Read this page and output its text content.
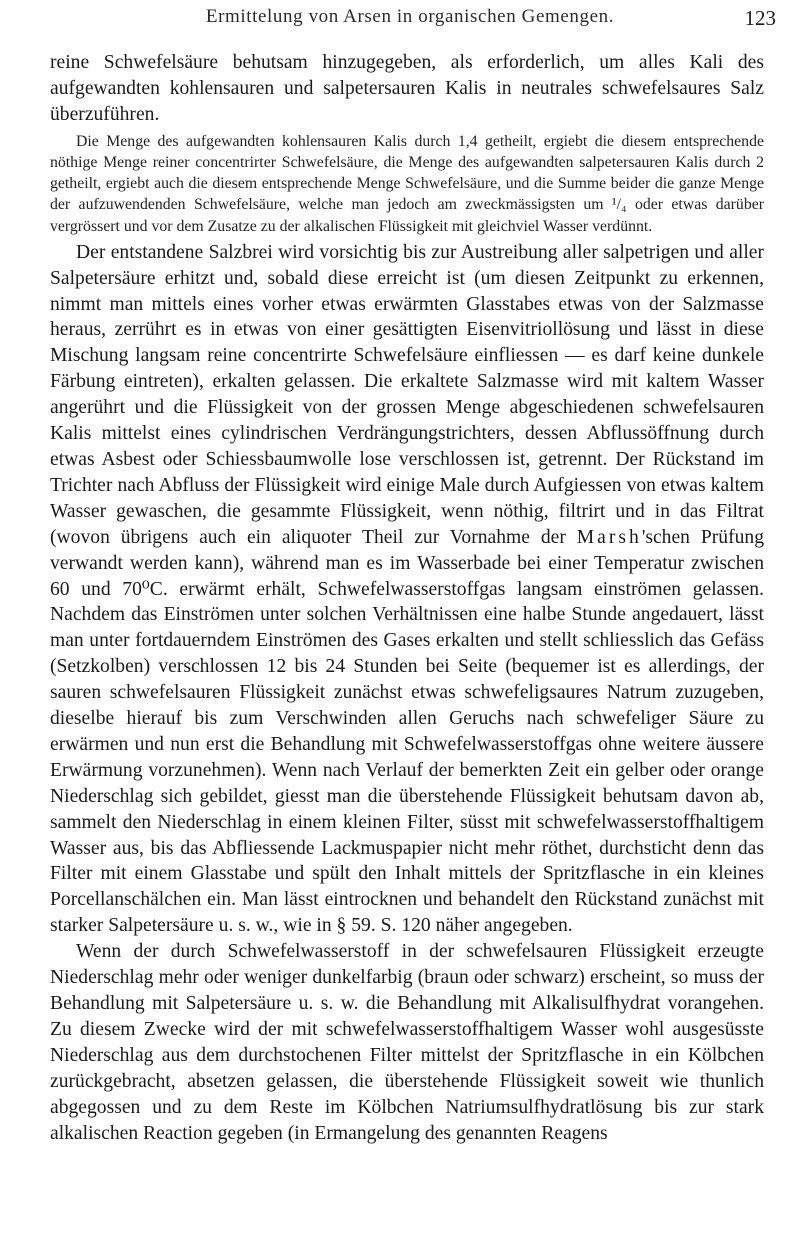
Ermittelung von Arsen in organischen Gemengen.	123

reine Schwefelsäure behutsam hinzugegeben, als erforderlich, um alles Kali des aufgewandten kohlensauren und salpetersauren Kalis in neutrales schwefelsaures Salz überzuführen.

Die Menge des aufgewandten kohlensauren Kalis durch 1,4 getheilt, ergiebt die diesem entsprechende nöthige Menge reiner concentrirter Schwefelsäure, die Menge des aufgewandten salpetersauren Kalis durch 2 getheilt, ergiebt auch die diesem entsprechende Menge Schwefelsäure, und die Summe beider die ganze Menge der aufzuwendenden Schwefelsäure, welche man jedoch am zweckmässigsten um ¹/₄ oder etwas darüber vergrössert und vor dem Zusatze zu der alkalischen Flüssigkeit mit gleichviel Wasser verdünnt.

Der entstandene Salzbrei wird vorsichtig bis zur Austreibung aller salpetrigen und aller Salpetersäure erhitzt und, sobald diese erreicht ist (um diesen Zeitpunkt zu erkennen, nimmt man mittels eines vorher etwas erwärmten Glasstabes etwas von der Salzmasse heraus, zerrührt es in etwas von einer gesättigten Eisenvitriollösung und lässt in diese Mischung langsam reine concentrirte Schwefelsäure einfliessen — es darf keine dunkele Färbung eintreten), erkalten gelassen. Die erkaltete Salzmasse wird mit kaltem Wasser angerührt und die Flüssigkeit von der grossen Menge abgeschiedenen schwefelsauren Kalis mittelst eines cylindrischen Verdrängungstrichters, dessen Abflussöffnung durch etwas Asbest oder Schiessbaumwolle lose verschlossen ist, getrennt. Der Rückstand im Trichter nach Abfluss der Flüssigkeit wird einige Male durch Aufgiessen von etwas kaltem Wasser gewaschen, die gesammte Flüssigkeit, wenn nöthig, filtrirt und in das Filtrat (wovon übrigens auch ein aliquoter Theil zur Vornahme der Marsh'schen Prüfung verwandt werden kann), während man es im Wasserbade bei einer Temperatur zwischen 60 und 70⁰C. erwärmt erhält, Schwefelwasserstoffgas langsam einströmen gelassen. Nachdem das Einströmen unter solchen Verhältnissen eine halbe Stunde angedauert, lässt man unter fortdauerndem Einströmen des Gases erkalten und stellt schliesslich das Gefäss (Setzkolben) verschlossen 12 bis 24 Stunden bei Seite (bequemer ist es allerdings, der sauren schwefelsauren Flüssigkeit zunächst etwas schwefeligsaures Natrum zuzugeben, dieselbe hierauf bis zum Verschwinden allen Geruchs nach schwefeliger Säure zu erwärmen und nun erst die Behandlung mit Schwefelwasserstoffgas ohne weitere äussere Erwärmung vorzunehmen). Wenn nach Verlauf der bemerkten Zeit ein gelber oder orange Niederschlag sich gebildet, giesst man die überstehende Flüssigkeit behutsam davon ab, sammelt den Niederschlag in einem kleinen Filter, süsst mit schwefelwasserstoffhaltigem Wasser aus, bis das Abfliessende Lackmuspapier nicht mehr röthet, durchsticht denn das Filter mit einem Glasstabe und spült den Inhalt mittels der Spritzflasche in ein kleines Porcellanschälchen ein. Man lässt eintrocknen und behandelt den Rückstand zunächst mit starker Salpetersäure u. s. w., wie in § 59. S. 120 näher angegeben.

Wenn der durch Schwefelwasserstoff in der schwefelsauren Flüssigkeit erzeugte Niederschlag mehr oder weniger dunkelfarbig (braun oder schwarz) erscheint, so muss der Behandlung mit Salpetersäure u. s. w. die Behandlung mit Alkalisulfhydrat vorangehen. Zu diesem Zwecke wird der mit schwefelwasserstoffhaltigem Wasser wohl ausgesüsste Niederschlag aus dem durchstochenen Filter mittelst der Spritzflasche in ein Kölbchen zurückgebracht, absetzen gelassen, die überstehende Flüssigkeit soweit wie thunlich abgegossen und zu dem Reste im Kölbchen Natriumsulfhydratlösung bis zur stark alkalischen Reaction gegeben (in Ermangelung des genannten Reagens
